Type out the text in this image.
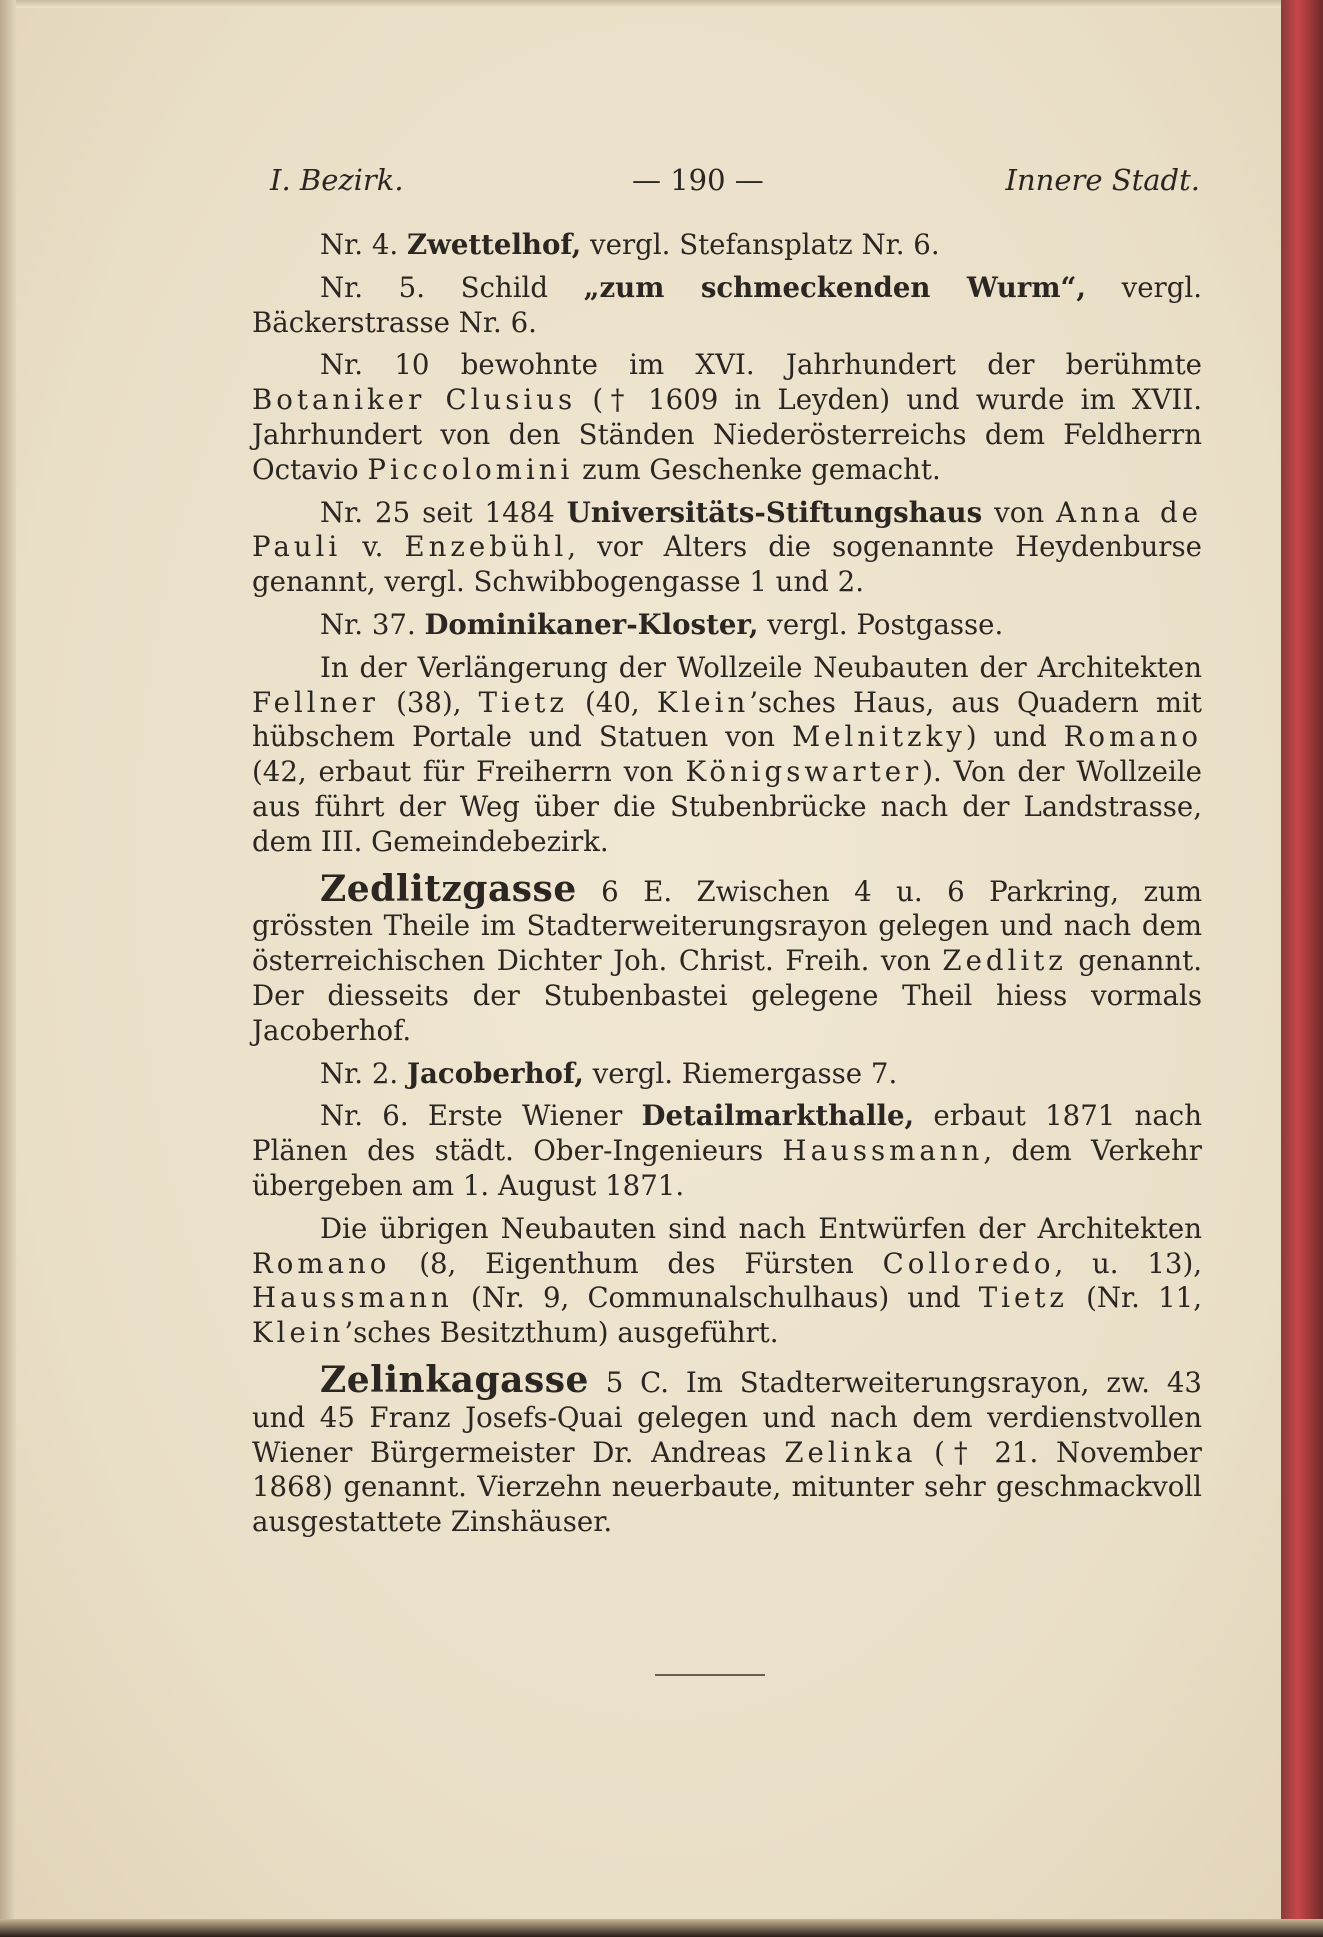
I. Bezirk.	— 190 —	Innere Stadt.

Nr. 4. Zwettelhof, vergl. Stefansplatz Nr. 6.

Nr. 5. Schild „zum schmeckenden Wurm“, vergl. Bäckerstrasse Nr. 6.

Nr. 10 bewohnte im XVI. Jahrhundert der berühmte Botaniker Clusius († 1609 in Leyden) und wurde im XVII. Jahrhundert von den Ständen Niederösterreichs dem Feldherrn Octavio Piccolomini zum Geschenke gemacht.

Nr. 25 seit 1484 Universitäts-Stiftungshaus von Anna de Pauli v. Enzebühl, vor Alters die sogenannte Heydenburse genannt, vergl. Schwibbogengasse 1 und 2.

Nr. 37. Dominikaner-Kloster, vergl. Postgasse.

In der Verlängerung der Wollzeile Neubauten der Architekten Fellner (38), Tietz (40, Klein’sches Haus, aus Quadern mit hübschem Portale und Statuen von Melnitzky) und Romano (42, erbaut für Freiherrn von Königswarter). Von der Wollzeile aus führt der Weg über die Stubenbrücke nach der Landstrasse, dem III. Gemeindebezirk.

Zedlitzgasse 6 E. Zwischen 4 u. 6 Parkring, zum grössten Theile im Stadterweiterungsrayon gelegen und nach dem österreichischen Dichter Joh. Christ. Freih. von Zedlitz genannt. Der diesseits der Stubenbastei gelegene Theil hiess vormals Jacoberhof.

Nr. 2. Jacoberhof, vergl. Riemergasse 7.

Nr. 6. Erste Wiener Detailmarkthalle, erbaut 1871 nach Plänen des städt. Ober-Ingenieurs Haussmann, dem Verkehr übergeben am 1. August 1871.

Die übrigen Neubauten sind nach Entwürfen der Architekten Romano (8, Eigenthum des Fürsten Colloredo, u. 13), Haussmann (Nr. 9, Communalschulhaus) und Tietz (Nr. 11, Klein’sches Besitzthum) ausgeführt.

Zelinkagasse 5 C. Im Stadterweiterungsrayon, zw. 43 und 45 Franz Josefs-Quai gelegen und nach dem verdienstvollen Wiener Bürgermeister Dr. Andreas Zelinka († 21. November 1868) genannt. Vierzehn neuerbaute, mitunter sehr geschmackvoll ausgestattete Zinshäuser.
